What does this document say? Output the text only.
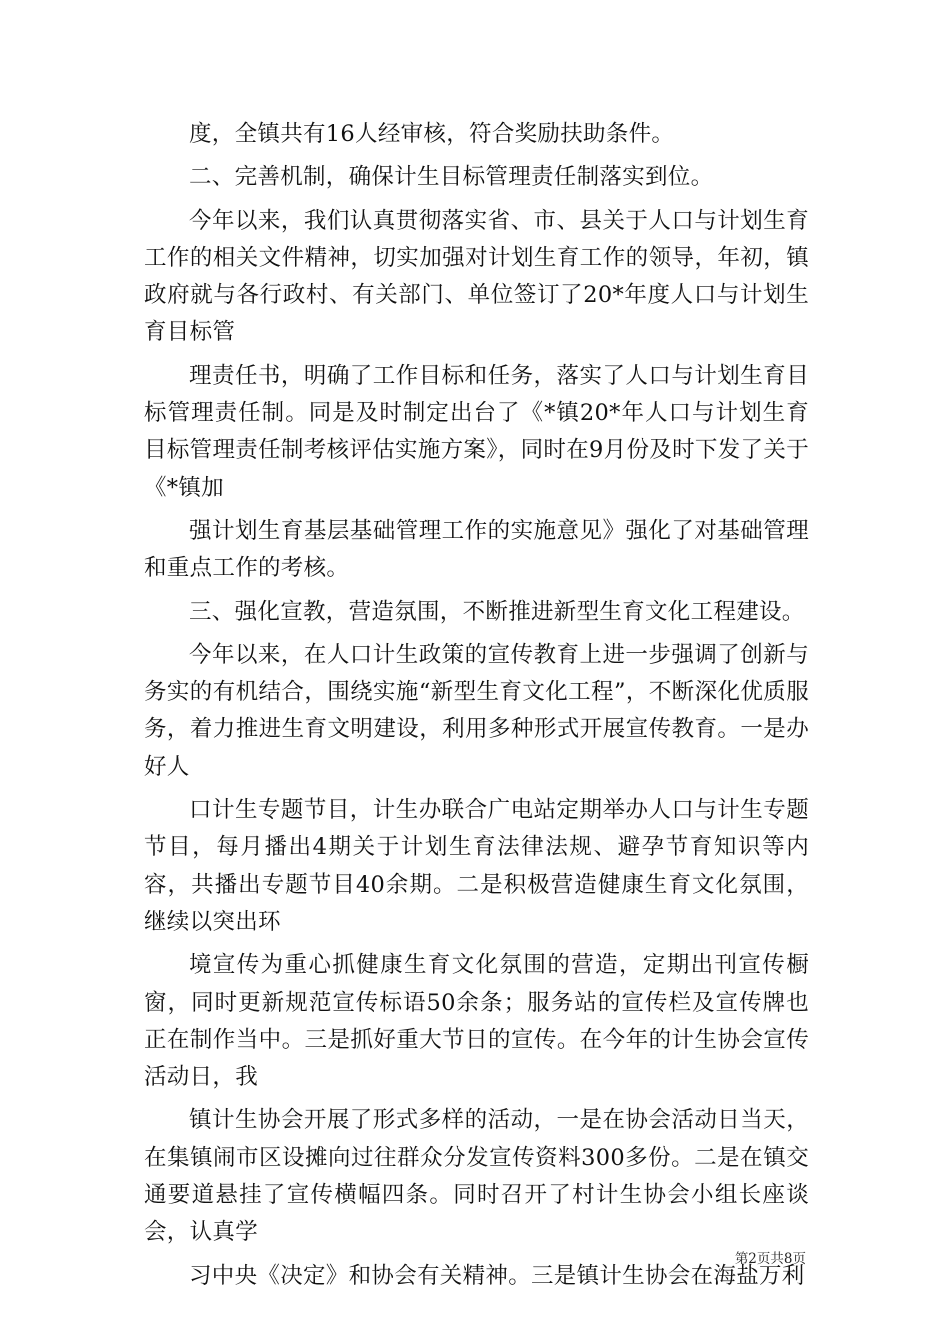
度，全镇共有16人经审核，符合奖励扶助条件。

二、完善机制，确保计生目标管理责任制落实到位。

今年以来，我们认真贯彻落实省、市、县关于人口与计划生育工作的相关文件精神，切实加强对计划生育工作的领导，年初，镇政府就与各行政村、有关部门、单位签订了20*年度人口与计划生育目标管

理责任书，明确了工作目标和任务，落实了人口与计划生育目标管理责任制。同是及时制定出台了《*镇20*年人口与计划生育目标管理责任制考核评估实施方案》，同时在9月份及时下发了关于《*镇加

强计划生育基层基础管理工作的实施意见》强化了对基础管理和重点工作的考核。

三、强化宣教，营造氛围，不断推进新型生育文化工程建设。

今年以来，在人口计生政策的宣传教育上进一步强调了创新与务实的有机结合，围绕实施“新型生育文化工程”，不断深化优质服务，着力推进生育文明建设，利用多种形式开展宣传教育。一是办好人

口计生专题节目，计生办联合广电站定期举办人口与计生专题节目，每月播出4期关于计划生育法律法规、避孕节育知识等内容，共播出专题节目40余期。二是积极营造健康生育文化氛围，继续以突出环

境宣传为重心抓健康生育文化氛围的营造，定期出刊宣传橱窗，同时更新规范宣传标语50余条；服务站的宣传栏及宣传牌也正在制作当中。三是抓好重大节日的宣传。在今年的计生协会宣传活动日，我

镇计生协会开展了形式多样的活动，一是在协会活动日当天，在集镇闹市区设摊向过往群众分发宣传资料300多份。二是在镇交通要道悬挂了宣传横幅四条。同时召开了村计生协会小组长座谈会，认真学

习中央《决定》和协会有关精神。三是镇计生协会在海盐万利

第2页共8页
